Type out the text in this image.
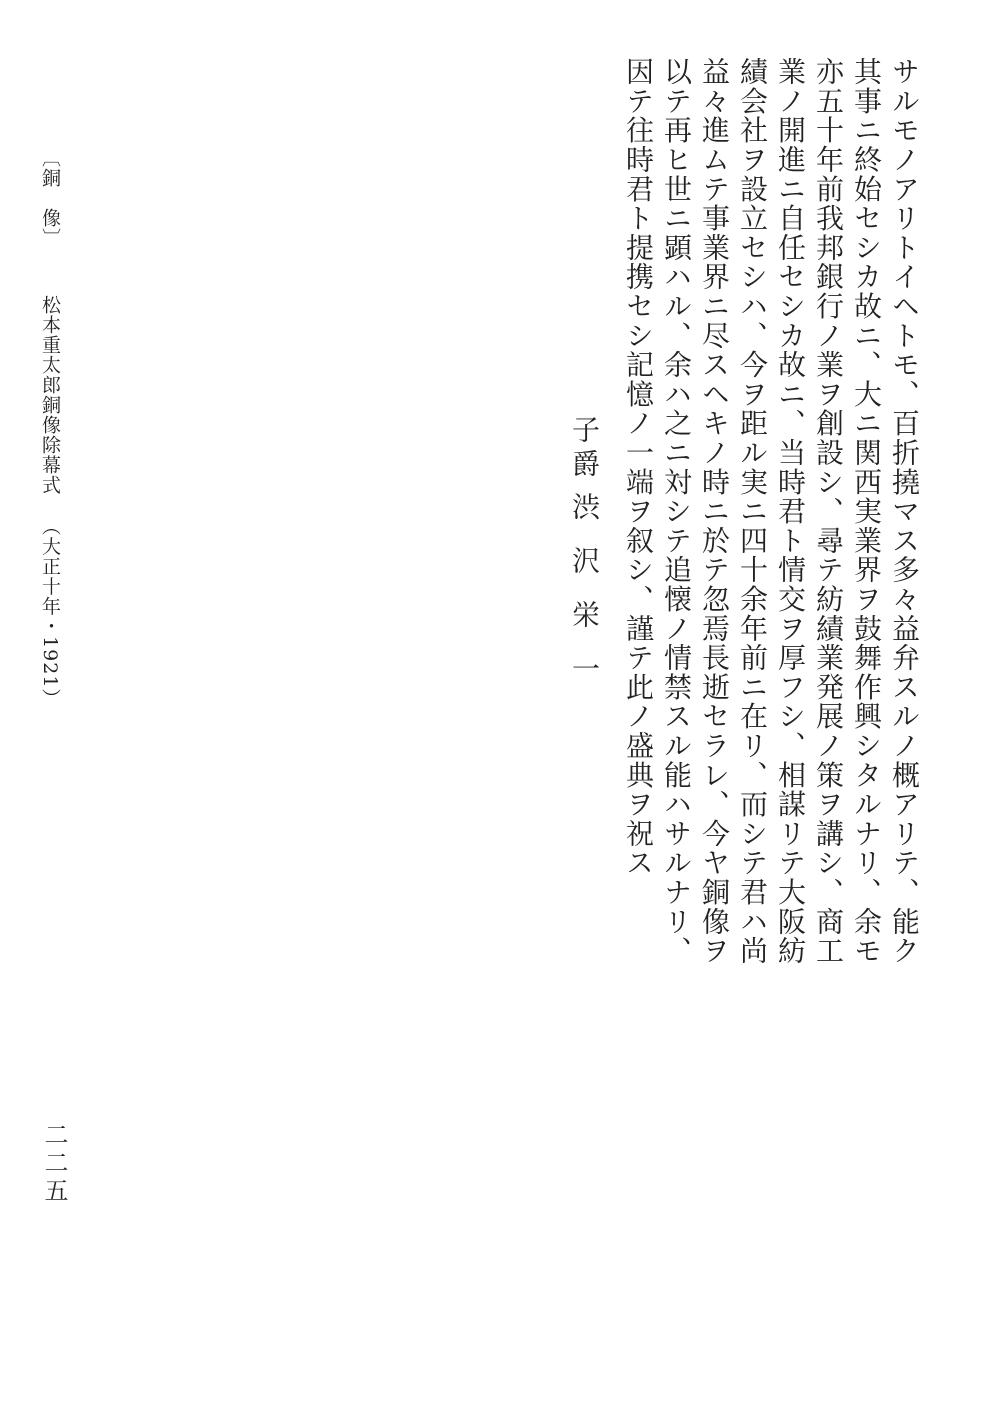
〔銅　像〕 松本重太郎銅像除幕式 （大正十年・1921）	サルモノアリトイヘトモ、百折撓マス多々益弁スルノ概アリテ、能ク
其事ニ終始セシカ故ニ、大ニ関西実業界ヲ鼓舞作興シタルナリ、余モ
亦五十年前我邦銀行ノ業ヲ創設シ、尋テ紡績業発展ノ策ヲ講シ、商工
業ノ開進ニ自任セシカ故ニ、当時君ト情交ヲ厚フシ、相謀リテ大阪紡
績会社ヲ設立セシハ、今ヲ距ル実ニ四十余年前ニ在リ、而シテ君ハ尚
益々進ムテ事業界ニ尽スヘキノ時ニ於テ忽焉長逝セラレ、今ヤ銅像ヲ
以テ再ヒ世ニ顕ハル、余ハ之ニ対シテ追懐ノ情禁スル能ハサルナリ、
因テ往時君ト提携セシ記憶ノ一端ヲ叙シ、謹テ此ノ盛典ヲ祝ス
子爵 渋沢栄一
二二五
